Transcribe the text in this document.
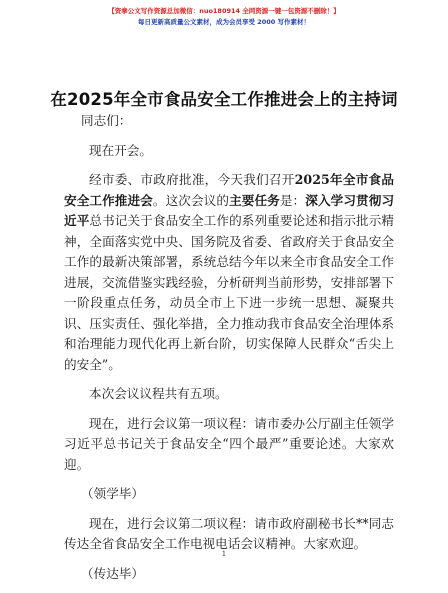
【资拳公文写作资源总加微信：nuo180914 全网资源一键一包资源不删除！】
每日更新高质量公文素材，成为会员享受 2000 写作素材！
在2025年全市食品安全工作推进会上的主持词

同志们：

现在开会。

经市委、市政府批准，今天我们召开2025年全市食品安全工作推进会。这次会议的主要任务是：深入学习贯彻习近平总书记关于食品安全工作的系列重要论述和指示批示精神，全面落实党中央、国务院及省委、省政府关于食品安全工作的最新决策部署，系统总结今年以来全市食品安全工作进展，交流借鉴实践经验，分析研判当前形势，安排部署下一阶段重点任务，动员全市上下进一步统一思想、凝聚共识、压实责任、强化举措，全力推动我市食品安全治理体系和治理能力现代化再上新台阶，切实保障人民群众“舌尖上的安全”。

本次会议议程共有五项。

现在，进行会议第一项议程：请市委办公厅副主任领学习近平总书记关于食品安全“四个最严”重要论述。大家欢迎。

（领学毕）

现在，进行会议第二项议程：请市政府副秘书长**同志传达全省食品安全工作电视电话会议精神。大家欢迎。

（传达毕）

1
